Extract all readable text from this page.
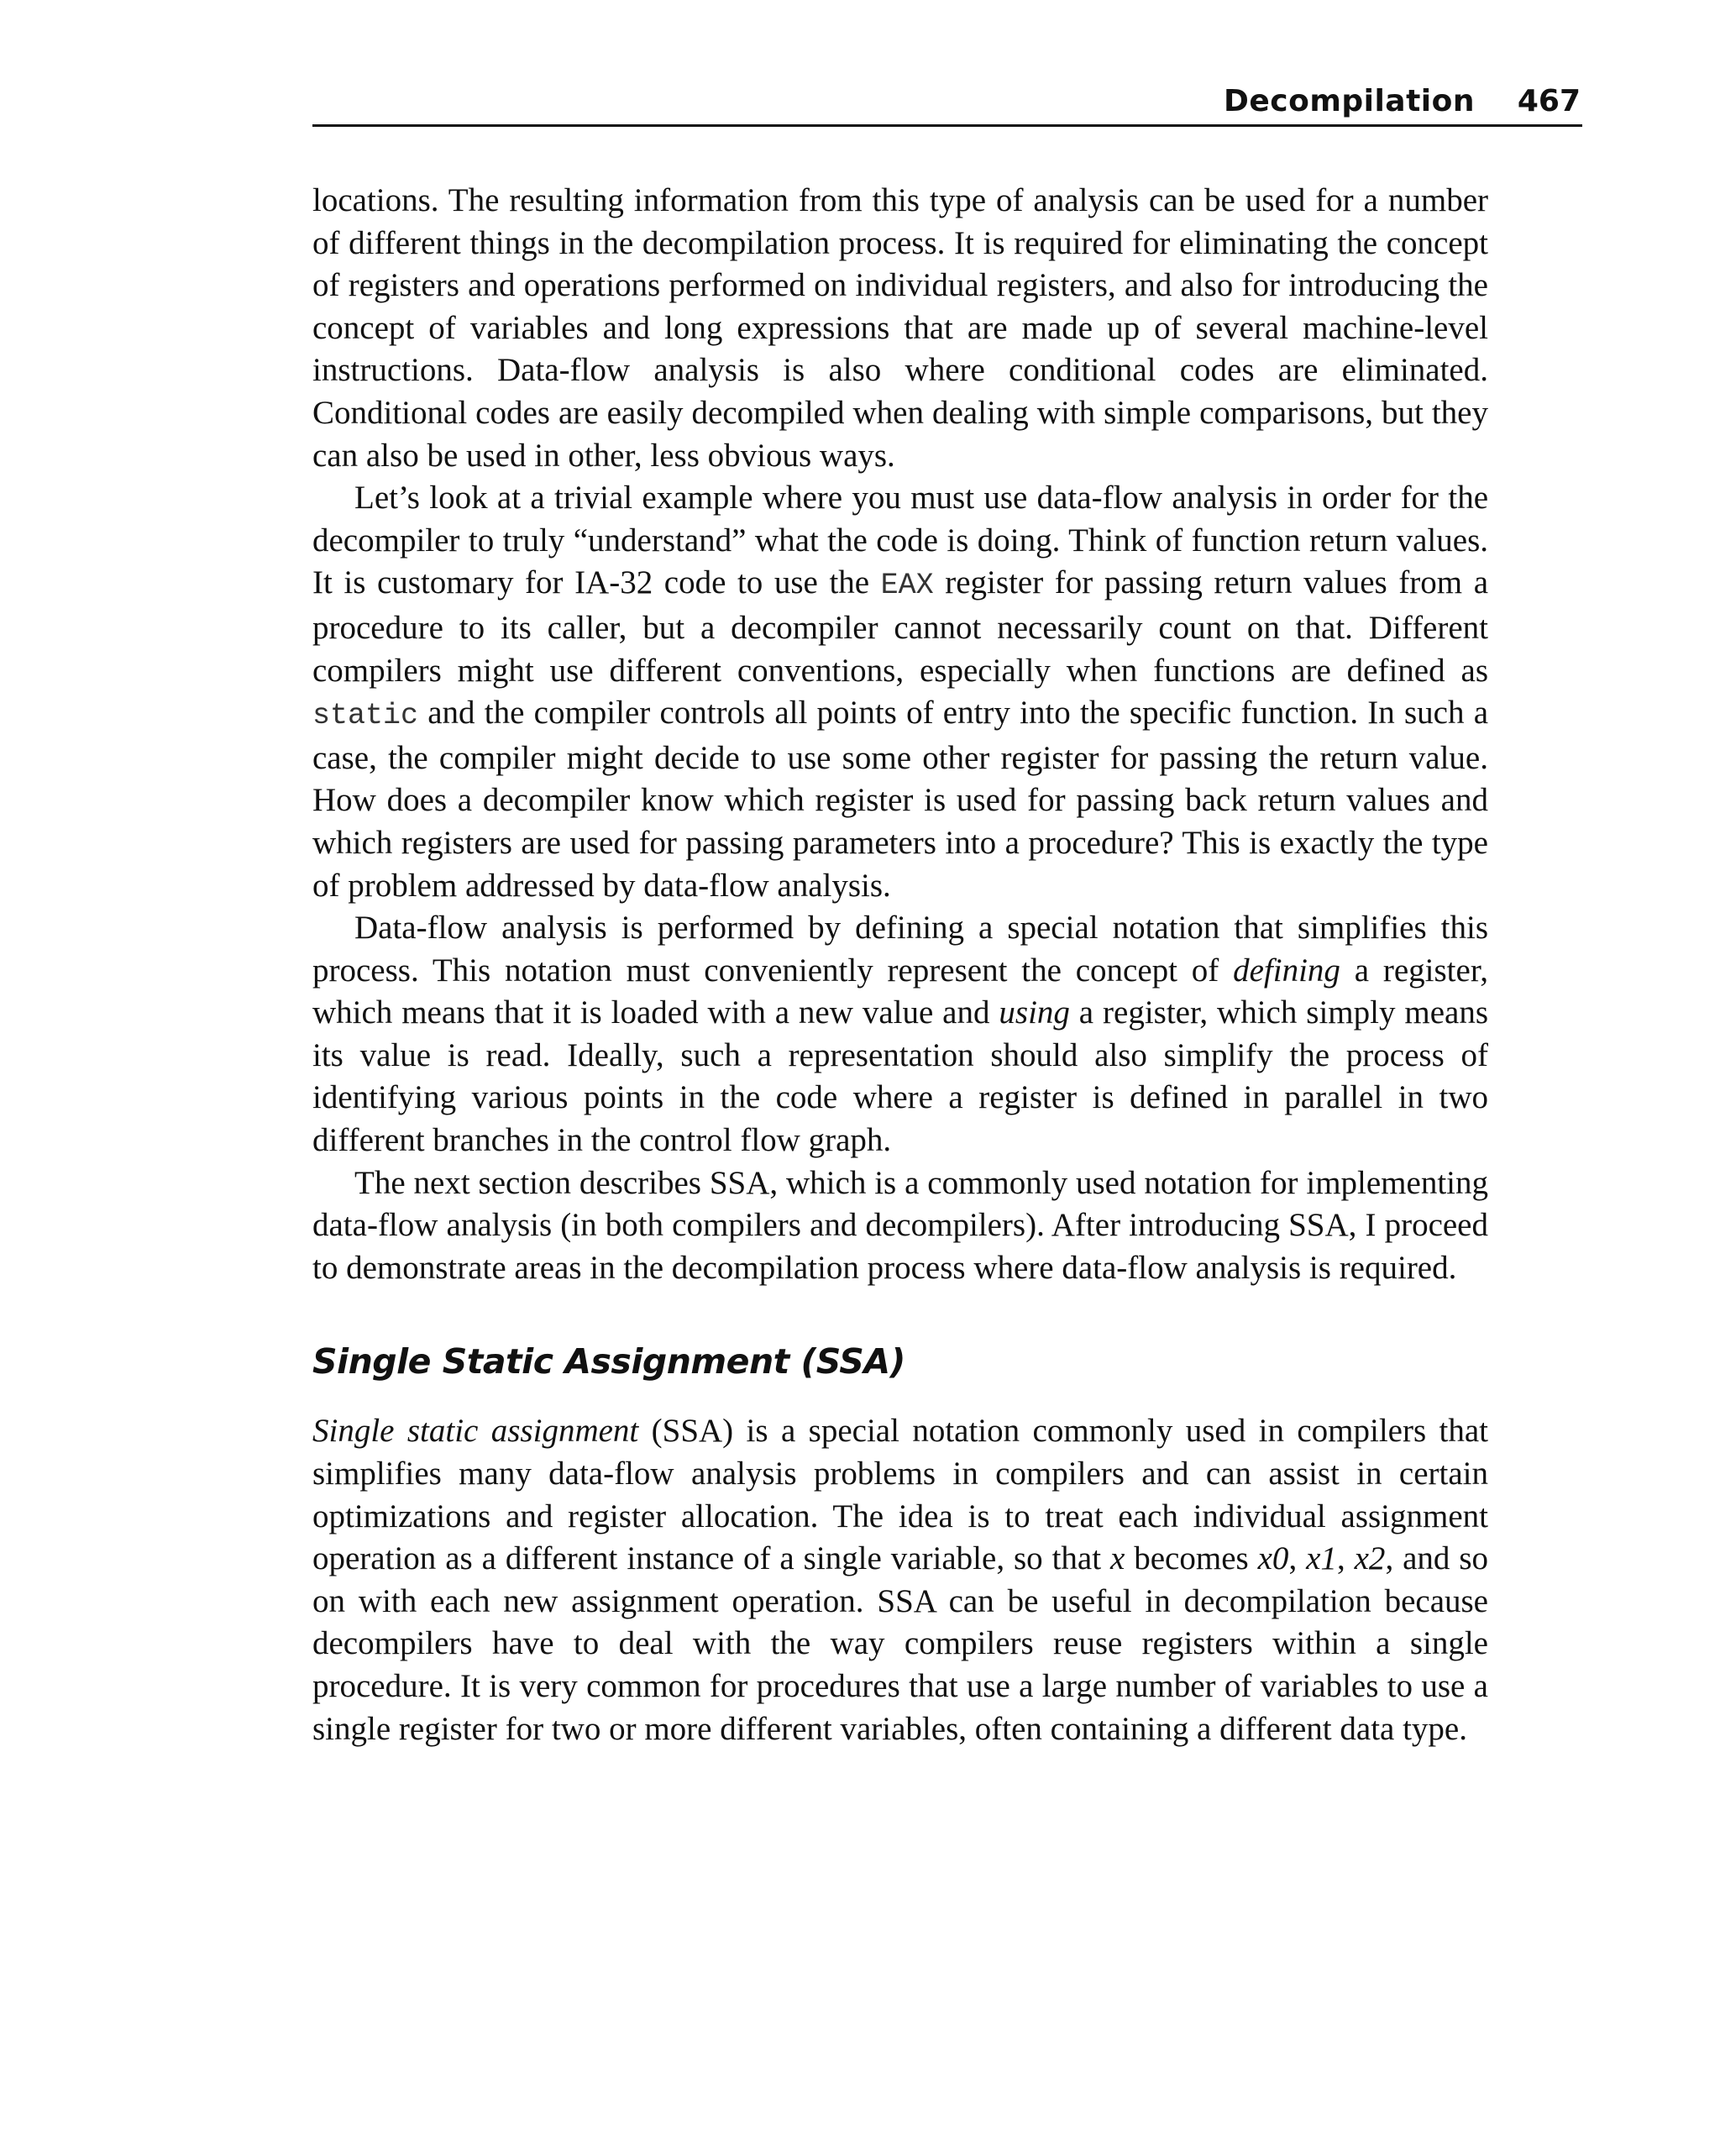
Decompilation 467

locations. The resulting information from this type of analysis can be used for a number of different things in the decompilation process. It is required for eliminating the concept of registers and operations performed on individual registers, and also for introducing the concept of variables and long expressions that are made up of several machine-level instructions. Data-flow analysis is also where conditional codes are eliminated. Conditional codes are easily decompiled when dealing with simple comparisons, but they can also be used in other, less obvious ways.

Let’s look at a trivial example where you must use data-flow analysis in order for the decompiler to truly “understand” what the code is doing. Think of function return values. It is customary for IA-32 code to use the EAX register for passing return values from a procedure to its caller, but a decompiler cannot necessarily count on that. Different compilers might use different conventions, especially when functions are defined as static and the compiler controls all points of entry into the specific function. In such a case, the compiler might decide to use some other register for passing the return value. How does a decompiler know which register is used for passing back return values and which registers are used for passing parameters into a procedure? This is exactly the type of problem addressed by data-flow analysis.

Data-flow analysis is performed by defining a special notation that simplifies this process. This notation must conveniently represent the concept of defining a register, which means that it is loaded with a new value and using a register, which simply means its value is read. Ideally, such a representation should also simplify the process of identifying various points in the code where a register is defined in parallel in two different branches in the control flow graph.

The next section describes SSA, which is a commonly used notation for implementing data-flow analysis (in both compilers and decompilers). After introducing SSA, I proceed to demonstrate areas in the decompilation process where data-flow analysis is required.

Single Static Assignment (SSA)

Single static assignment (SSA) is a special notation commonly used in compilers that simplifies many data-flow analysis problems in compilers and can assist in certain optimizations and register allocation. The idea is to treat each individual assignment operation as a different instance of a single variable, so that x becomes x0, x1, x2, and so on with each new assignment operation. SSA can be useful in decompilation because decompilers have to deal with the way compilers reuse registers within a single procedure. It is very common for procedures that use a large number of variables to use a single register for two or more different variables, often containing a different data type.
